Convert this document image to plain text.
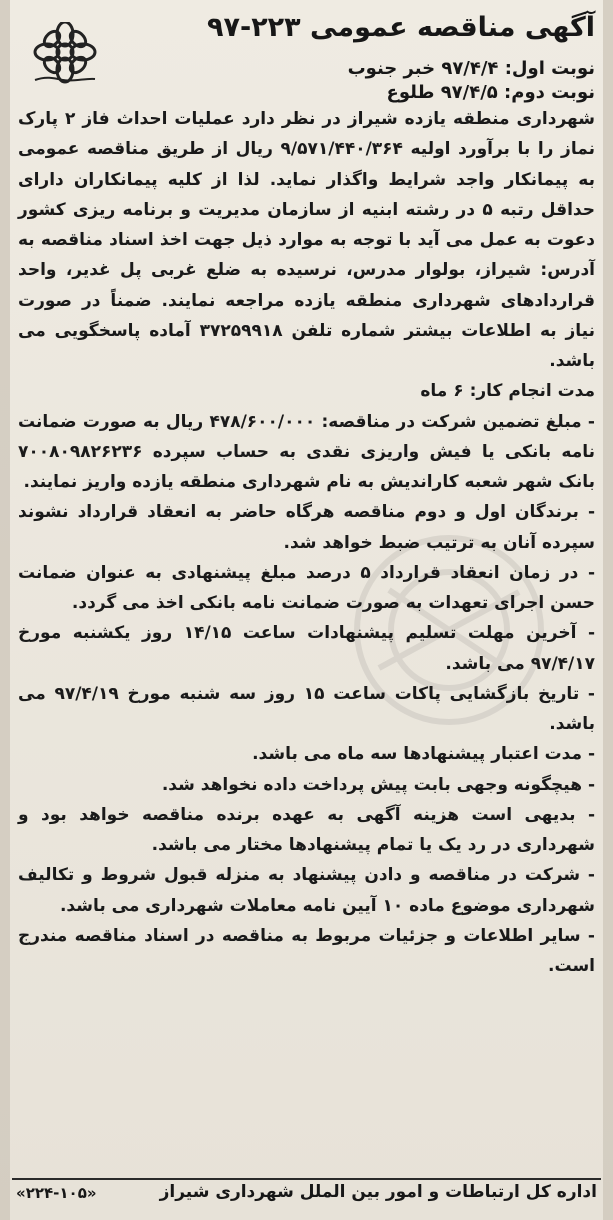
آگهی مناقصه عمومی ۲۲۳-۹۷
نوبت اول: ۹۷/۴/۴ خبر جنوب
نوبت دوم: ۹۷/۴/۵ طلوع

شهرداری منطقه یازده شیراز در نظر دارد عملیات احداث فاز ۲ پارک نماز را با برآورد اولیه ۹/۵۷۱/۴۴۰/۳۶۴ ریال از طریق مناقصه عمومی به پیمانکار واجد شرایط واگذار نماید. لذا از کلیه پیمانکاران دارای حداقل رتبه ۵ در رشته ابنیه از سازمان مدیریت و برنامه ریزی کشور دعوت به عمل می آید با توجه به موارد ذیل جهت اخذ اسناد مناقصه به آدرس: شیراز، بولوار مدرس، نرسیده به ضلع غربی پل غدیر، واحد قراردادهای شهرداری منطقه یازده مراجعه نمایند. ضمناً در صورت نیاز به اطلاعات بیشتر شماره تلفن ۳۷۲۵۹۹۱۸ آماده پاسخگویی می باشد.

مدت انجام کار: ۶ ماه

- مبلغ تضمین شرکت در مناقصه: ۴۷۸/۶۰۰/۰۰۰ ریال به صورت ضمانت نامه بانکی یا فیش واریزی نقدی به حساب سپرده ۷۰۰۸۰۹۸۲۶۲۳۶ بانک شهر شعبه کارانديش به نام شهرداری منطقه یازده واریز نمایند.

- برندگان اول و دوم مناقصه هرگاه حاضر به انعقاد قرارداد نشوند سپرده آنان به ترتیب ضبط خواهد شد.

- در زمان انعقاد قرارداد ۵ درصد مبلغ پیشنهادی به عنوان ضمانت حسن اجرای تعهدات به صورت ضمانت نامه بانکی اخذ می گردد.

- آخرین مهلت تسلیم پیشنهادات ساعت ۱۴/۱۵ روز یکشنبه مورخ ۹۷/۴/۱۷ می باشد.

- تاریخ بازگشایی پاکات ساعت ۱۵ روز سه شنبه مورخ ۹۷/۴/۱۹ می باشد.

- مدت اعتبار پیشنهادها سه ماه می باشد.

- هیچگونه وجهی بابت پیش پرداخت داده نخواهد شد.

- بدیهی است هزینه آگهی به عهده برنده مناقصه خواهد بود و شهرداری در رد یک یا تمام پیشنهادها مختار می باشد.

- شرکت در مناقصه و دادن پیشنهاد به منزله قبول شروط و تکالیف شهرداری موضوع ماده ۱۰ آیین نامه معاملات شهرداری می باشد.

- سایر اطلاعات و جزئیات مربوط به مناقصه در اسناد مناقصه مندرج است.

اداره کل ارتباطات و امور بین الملل شهرداری شیراز
«۲۲۴-۱۰۵»
